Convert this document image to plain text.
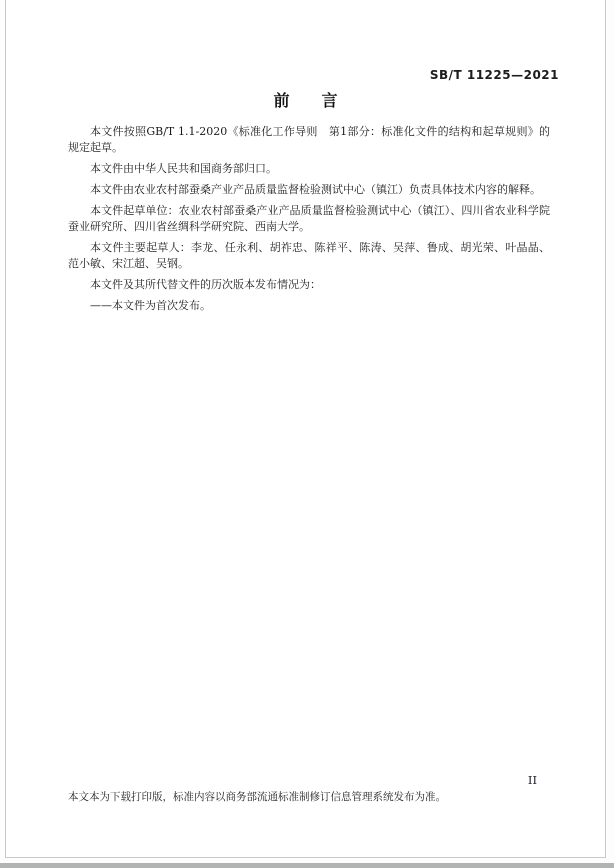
SB/T 11225—2021
前　　言

本文件按照GB/T 1.1-2020《标准化工作导则　第1部分：标准化文件的结构和起草规则》的规定起草。

本文件由中华人民共和国商务部归口。

本文件由农业农村部蚕桑产业产品质量监督检验测试中心（镇江）负责具体技术内容的解释。

本文件起草单位：农业农村部蚕桑产业产品质量监督检验测试中心（镇江）、四川省农业科学院蚕业研究所、四川省丝绸科学研究院、西南大学。

本文件主要起草人：李龙、任永利、胡祚忠、陈祥平、陈涛、吴萍、鲁成、胡光荣、叶晶晶、范小敏、宋江超、吴钢。

本文件及其所代替文件的历次版本发布情况为：

——本文件为首次发布。

II
本文本为下载打印版，标准内容以商务部流通标准制修订信息管理系统发布为准。
